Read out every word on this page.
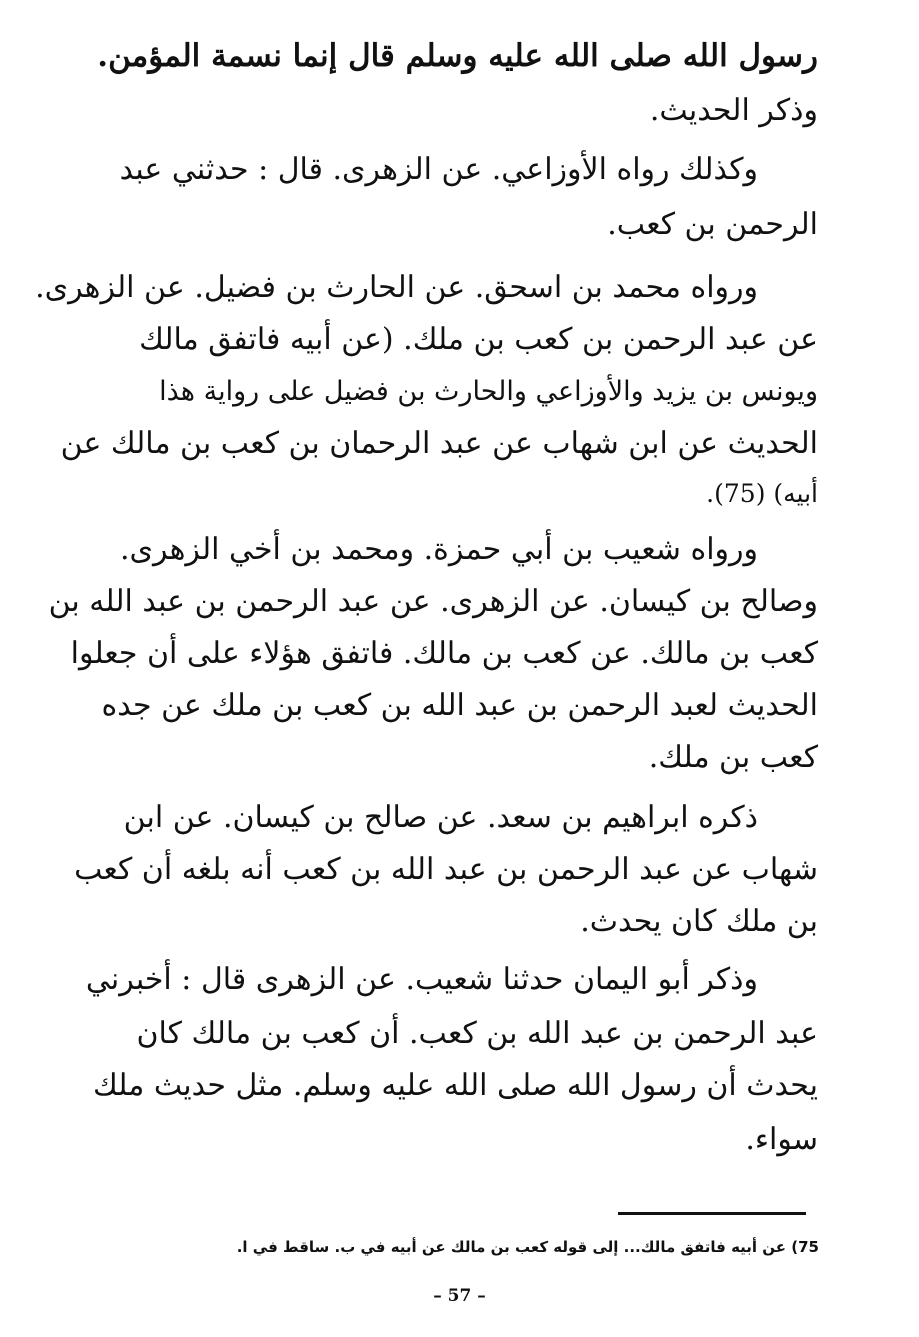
رسول الله صلى الله عليه وسلم قال إنما نسمة المؤمن.
وذكر الحديث.
وكذلك رواه الأوزاعي. عن الزهرى. قال : حدثني عبد
الرحمن بن كعب.
ورواه محمد بن اسحق. عن الحارث بن فضيل. عن الزهرى.
عن عبد الرحمن بن كعب بن ملك. (عن أبيه فاتفق مالك
ويونس بن يزيد والأوزاعي والحارث بن فضيل على رواية هذا
الحديث عن ابن شهاب عن عبد الرحمان بن كعب بن مالك عن
أبيه) (75).
ورواه شعيب بن أبي حمزة. ومحمد بن أخي الزهرى.
وصالح بن كيسان. عن الزهرى. عن عبد الرحمن بن عبد الله بن
كعب بن مالك. عن كعب بن مالك. فاتفق هؤلاء على أن جعلوا
الحديث لعبد الرحمن بن عبد الله بن كعب بن ملك عن جده
كعب بن ملك.
ذكره ابراهيم بن سعد. عن صالح بن كيسان. عن ابن
شهاب عن عبد الرحمن بن عبد الله بن كعب أنه بلغه أن كعب
بن ملك كان يحدث.
وذكر أبو اليمان حدثنا شعيب. عن الزهرى قال : أخبرني
عبد الرحمن بن عبد الله بن كعب. أن كعب بن مالك كان
يحدث أن رسول الله صلى الله عليه وسلم. مثل حديث ملك
سواء.
75) عن أبيه فاتفق مالك... إلى قوله كعب بن مالك عن أبيه في ب. ساقط في ا.
– 57 –
